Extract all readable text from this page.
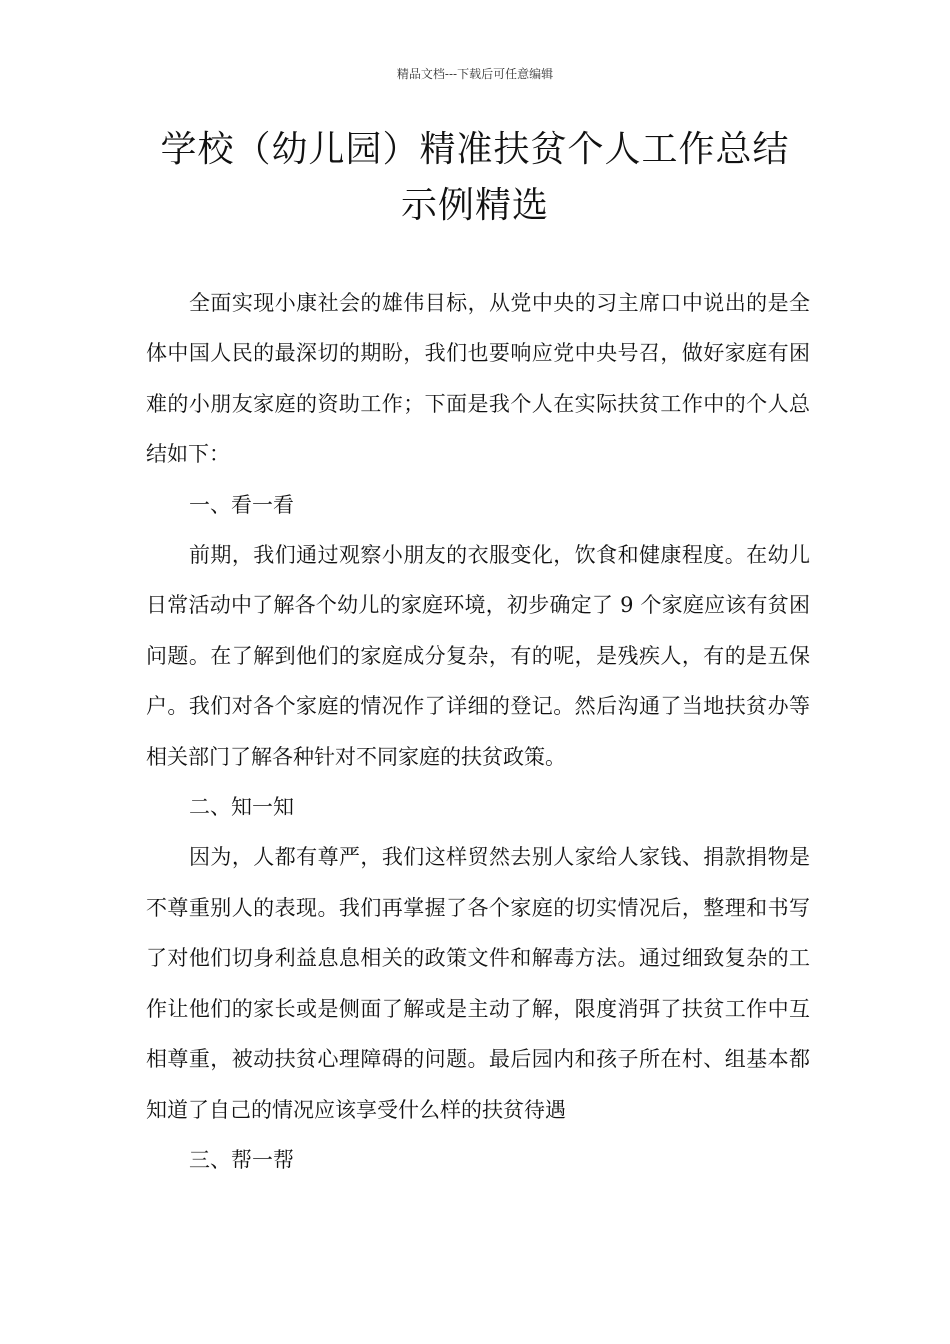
精品文档---下载后可任意编辑
学校（幼儿园）精准扶贫个人工作总结
示例精选

全面实现小康社会的雄伟目标，从党中央的习主席口中说出的是全体中国人民的最深切的期盼，我们也要响应党中央号召，做好家庭有困难的小朋友家庭的资助工作；下面是我个人在实际扶贫工作中的个人总结如下：

一、看一看

前期，我们通过观察小朋友的衣服变化，饮食和健康程度。在幼儿日常活动中了解各个幼儿的家庭环境，初步确定了 9 个家庭应该有贫困问题。在了解到他们的家庭成分复杂，有的呢，是残疾人，有的是五保户。我们对各个家庭的情况作了详细的登记。然后沟通了当地扶贫办等相关部门了解各种针对不同家庭的扶贫政策。

二、知一知

因为，人都有尊严，我们这样贸然去别人家给人家钱、捐款捐物是不尊重别人的表现。我们再掌握了各个家庭的切实情况后，整理和书写了对他们切身利益息息相关的政策文件和解毒方法。通过细致复杂的工作让他们的家长或是侧面了解或是主动了解，限度消弭了扶贫工作中互相尊重，被动扶贫心理障碍的问题。最后园内和孩子所在村、组基本都知道了自己的情况应该享受什么样的扶贫待遇

三、帮一帮
